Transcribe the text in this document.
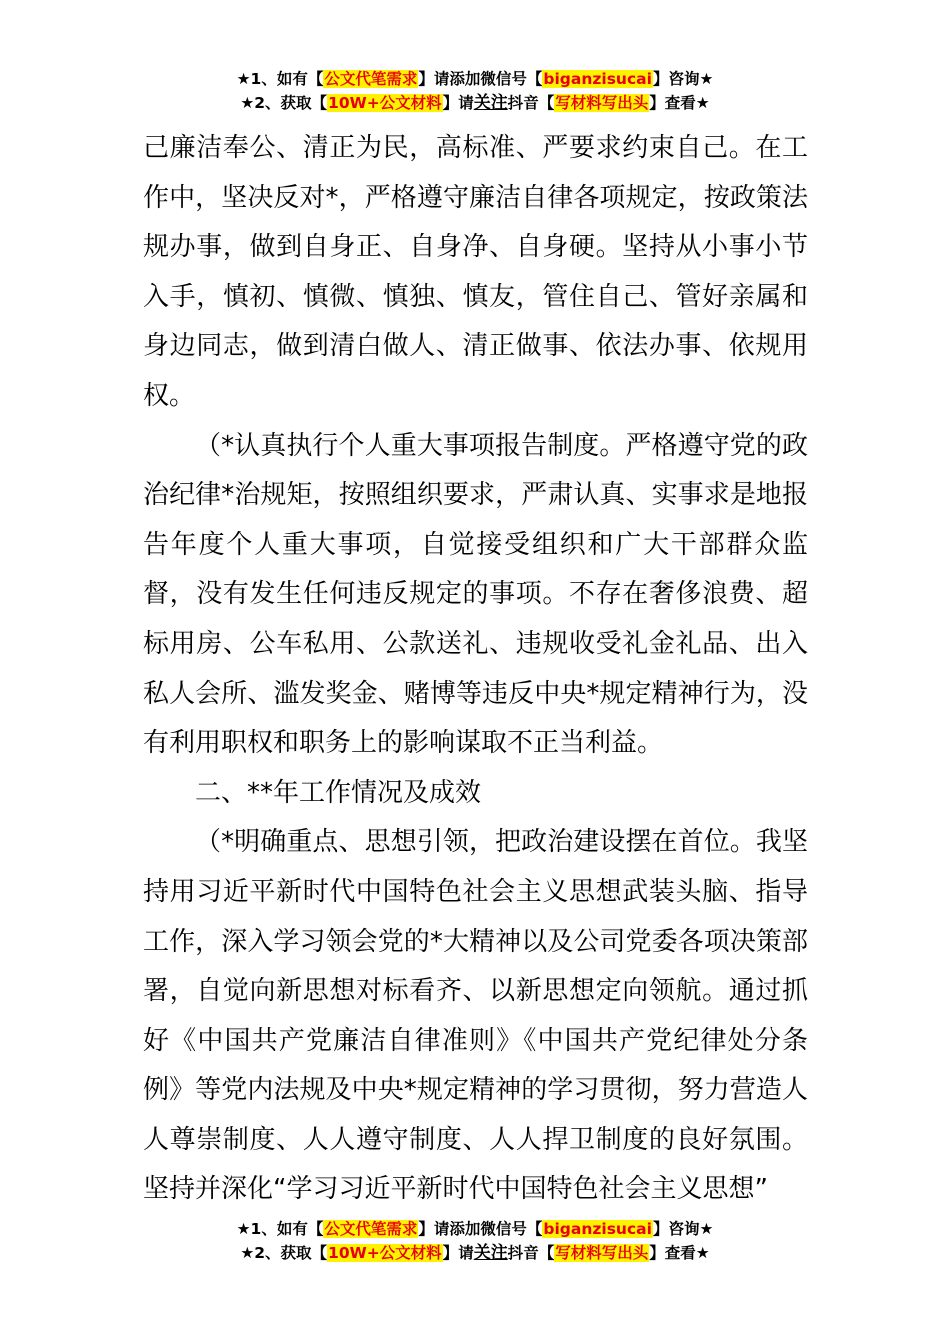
★1、如有【公文代笔需求】请添加微信号【biganzisucai】咨询★
★2、获取【10W+公文材料】请关注抖音【写材料写出头】查看★

己廉洁奉公、清正为民，高标准、严要求约束自己。在工作中，坚决反对*，严格遵守廉洁自律各项规定，按政策法规办事，做到自身正、自身净、自身硬。坚持从小事小节入手，慎初、慎微、慎独、慎友，管住自己、管好亲属和身边同志，做到清白做人、清正做事、依法办事、依规用权。

（*认真执行个人重大事项报告制度。严格遵守党的政治纪律*治规矩，按照组织要求，严肃认真、实事求是地报告年度个人重大事项，自觉接受组织和广大干部群众监督，没有发生任何违反规定的事项。不存在奢侈浪费、超标用房、公车私用、公款送礼、违规收受礼金礼品、出入私人会所、滥发奖金、赌博等违反中央*规定精神行为，没有利用职权和职务上的影响谋取不正当利益。

二、**年工作情况及成效

（*明确重点、思想引领，把政治建设摆在首位。我坚持用习近平新时代中国特色社会主义思想武装头脑、指导工作，深入学习领会党的*大精神以及公司党委各项决策部署，自觉向新思想对标看齐、以新思想定向领航。通过抓好《中国共产党廉洁自律准则》《中国共产党纪律处分条例》等党内法规及中央*规定精神的学习贯彻，努力营造人人尊崇制度、人人遵守制度、人人捍卫制度的良好氛围。坚持并深化“学习习近平新时代中国特色社会主义思想”

★1、如有【公文代笔需求】请添加微信号【biganzisucai】咨询★
★2、获取【10W+公文材料】请关注抖音【写材料写出头】查看★
